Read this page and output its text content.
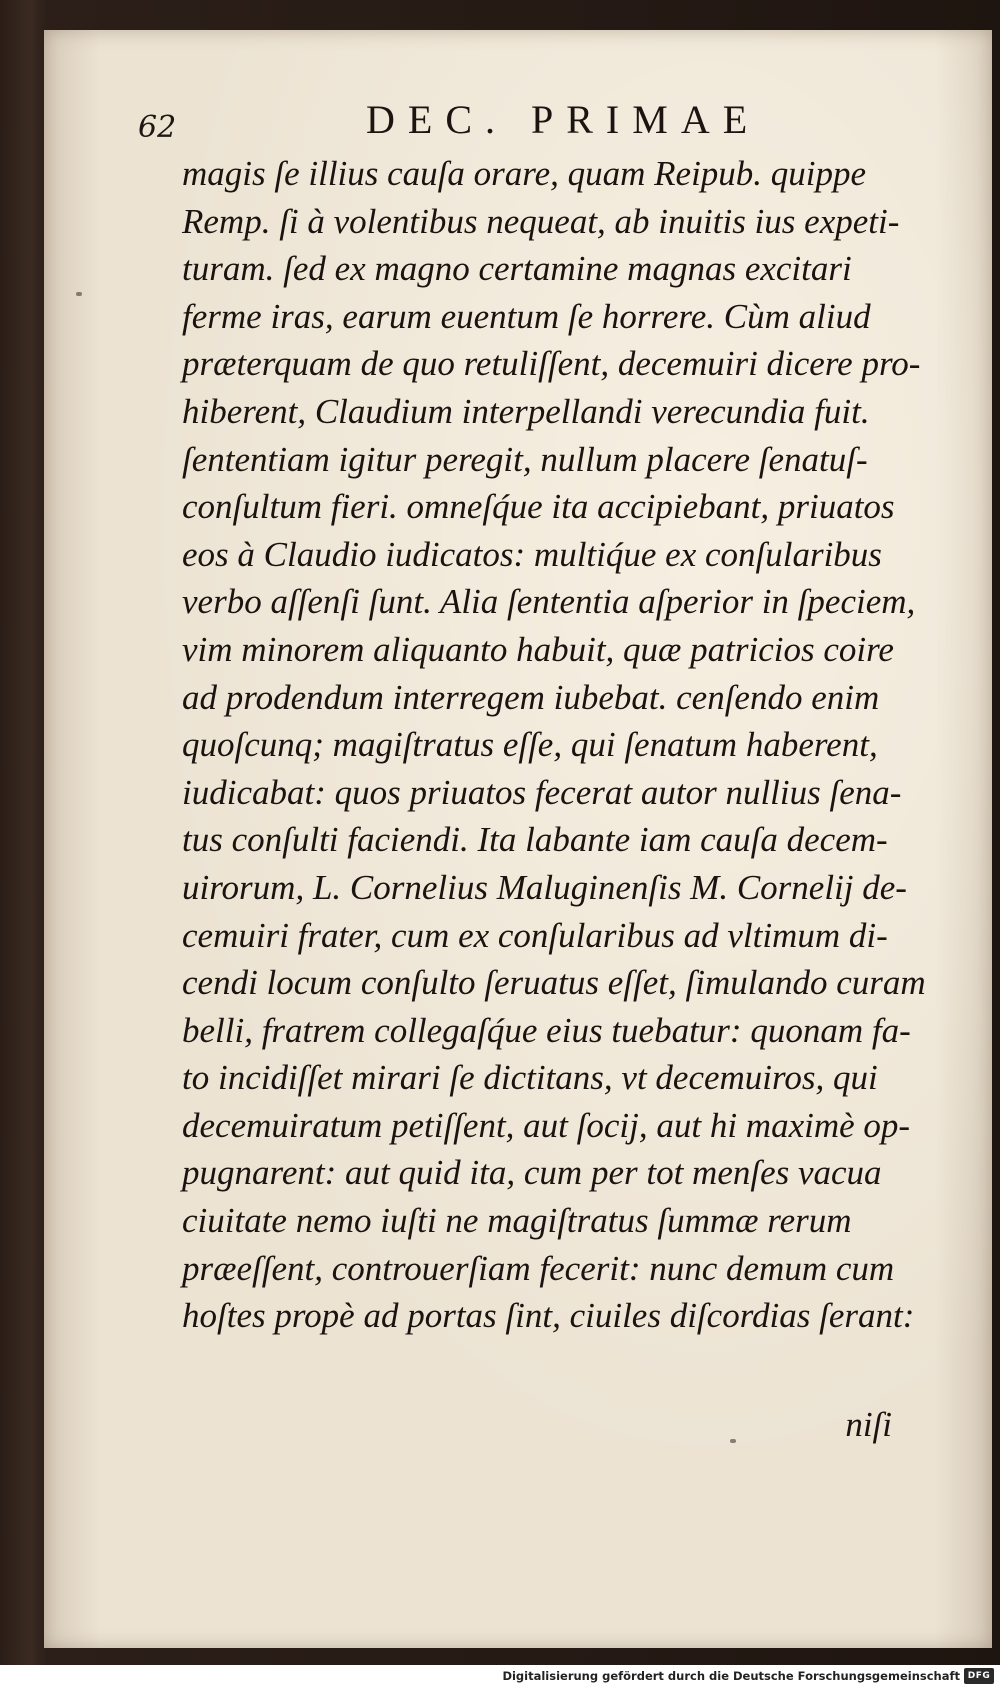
62	DEC. PRIMAE
magis ſe illius cauſa orare, quam Reipub. quippe
Remp. ſi à volentibus nequeat, ab inuitis ius expeti-
turam. ſed ex magno certamine magnas excitari
ferme iras, earum euentum ſe horrere. Cùm aliud
præterquam de quo retuliſſent, decemuiri dicere pro-
hiberent, Claudium interpellandi verecundia fuit.
ſententiam igitur peregit, nullum placere ſenatuſ-
conſultum fieri. omneſq́ue ita accipiebant, priuatos
eos à Claudio iudicatos: multiq́ue ex conſularibus
verbo aſſenſi ſunt. Alia ſententia aſperior in ſpeciem,
vim minorem aliquanto habuit, quæ patricios coire
ad prodendum interregem iubebat. cenſendo enim
quoſcunq; magiſtratus eſſe, qui ſenatum haberent,
iudicabat: quos priuatos fecerat autor nullius ſena-
tus conſulti faciendi. Ita labante iam cauſa decem-
uirorum, L. Cornelius Maluginenſis M. Cornelij de-
cemuiri frater, cum ex conſularibus ad vltimum di-
cendi locum conſulto ſeruatus eſſet, ſimulando curam
belli, fratrem collegaſq́ue eius tuebatur: quonam fa-
to incidiſſet mirari ſe dictitans, vt decemuiros, qui
decemuiratum petiſſent, aut ſocij, aut hi maximè op-
pugnarent: aut quid ita, cum per tot menſes vacua
ciuitate nemo iuſti ne magiſtratus ſummæ rerum
præeſſent, controuerſiam fecerit: nunc demum cum
hoſtes propè ad portas ſint, ciuiles diſcordias ſerant:
niſi
Digitalisierung gefördert durch die Deutsche Forschungsgemeinschaft DFG
